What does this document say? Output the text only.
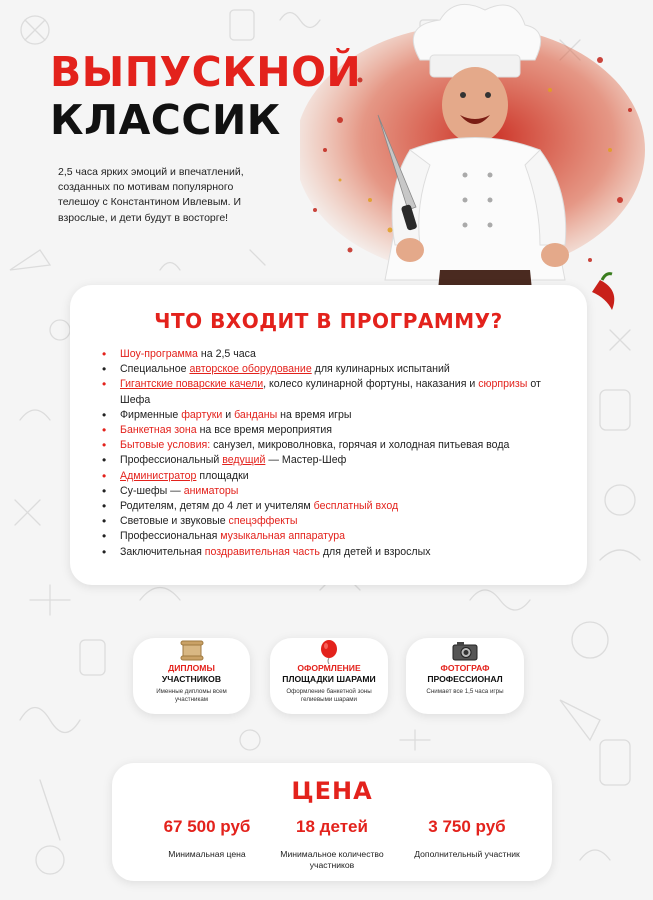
ВЫПУСКНОЙ
КЛАССИК
2,5 часа ярких эмоций и впечатлений, созданных по мотивам популярного телешоу с Константином Ивлевым. И взрослые, и дети будут в восторге!
ЧТО ВХОДИТ В ПРОГРАММУ?
• Шоу-программа на 2,5 часа
• Специальное авторское оборудование для кулинарных испытаний
• Гигантские поварские качели, колесо кулинарной фортуны, наказания и сюрпризы от Шефа
• Фирменные фартуки и банданы на время игры
• Банкетная зона на все время мероприятия
• Бытовые условия: санузел, микроволновка, горячая и холодная питьевая вода
• Профессиональный ведущий — Мастер-Шеф
• Администратор площадки
• Су-шефы — аниматоры
• Родителям, детям до 4 лет и учителям бесплатный вход
• Световые и звуковые спецэффекты
• Профессиональная музыкальная аппаратура
• Заключительная поздравительная часть для детей и взрослых
ДИПЛОМЫ
УЧАСТНИКОВ
Именные дипломы всем участникам
ОФОРМЛЕНИЕ
ПЛОЩАДКИ ШАРАМИ
Оформление банкетной зоны гелиевыми шарами
ФОТОГРАФ
ПРОФЕССИОНАЛ
Снимает все 1,5 часа игры
ЦЕНА
67 500 руб
Минимальная цена
18 детей
Минимальное количество участников
3 750 руб
Дополнительный участник
